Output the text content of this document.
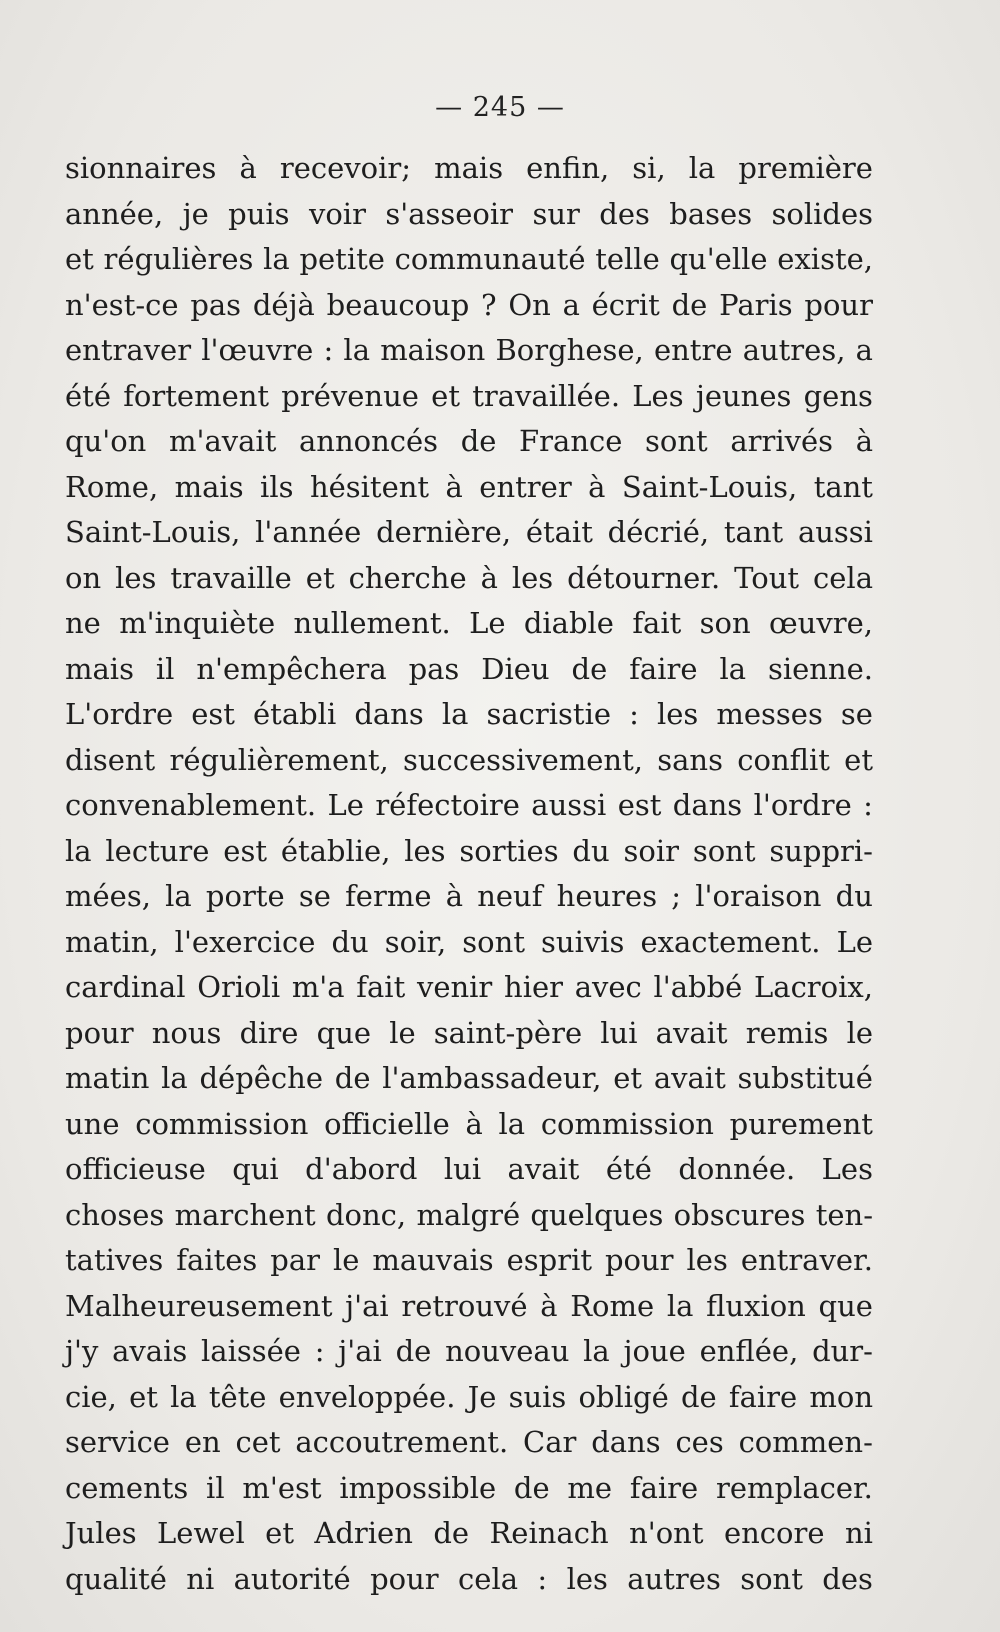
— 245 —
sionnaires à recevoir; mais enfin, si, la première
année, je puis voir s'asseoir sur des bases solides
et régulières la petite communauté telle qu'elle existe,
n'est-ce pas déjà beaucoup ? On a écrit de Paris pour
entraver l'œuvre : la maison Borghese, entre autres, a
été fortement prévenue et travaillée. Les jeunes gens
qu'on m'avait annoncés de France sont arrivés à
Rome, mais ils hésitent à entrer à Saint-Louis, tant
Saint-Louis, l'année dernière, était décrié, tant aussi
on les travaille et cherche à les détourner. Tout cela
ne m'inquiète nullement. Le diable fait son œuvre,
mais il n'empêchera pas Dieu de faire la sienne.
L'ordre est établi dans la sacristie : les messes se
disent régulièrement, successivement, sans conflit et
convenablement. Le réfectoire aussi est dans l'ordre :
la lecture est établie, les sorties du soir sont suppri-
mées, la porte se ferme à neuf heures ; l'oraison du
matin, l'exercice du soir, sont suivis exactement. Le
cardinal Orioli m'a fait venir hier avec l'abbé Lacroix,
pour nous dire que le saint-père lui avait remis le
matin la dépêche de l'ambassadeur, et avait substitué
une commission officielle à la commission purement
officieuse qui d'abord lui avait été donnée. Les
choses marchent donc, malgré quelques obscures ten-
tatives faites par le mauvais esprit pour les entraver.
Malheureusement j'ai retrouvé à Rome la fluxion que
j'y avais laissée : j'ai de nouveau la joue enflée, dur-
cie, et la tête enveloppée. Je suis obligé de faire mon
service en cet accoutrement. Car dans ces commen-
cements il m'est impossible de me faire remplacer.
Jules Lewel et Adrien de Reinach n'ont encore ni
qualité ni autorité pour cela : les autres sont des
